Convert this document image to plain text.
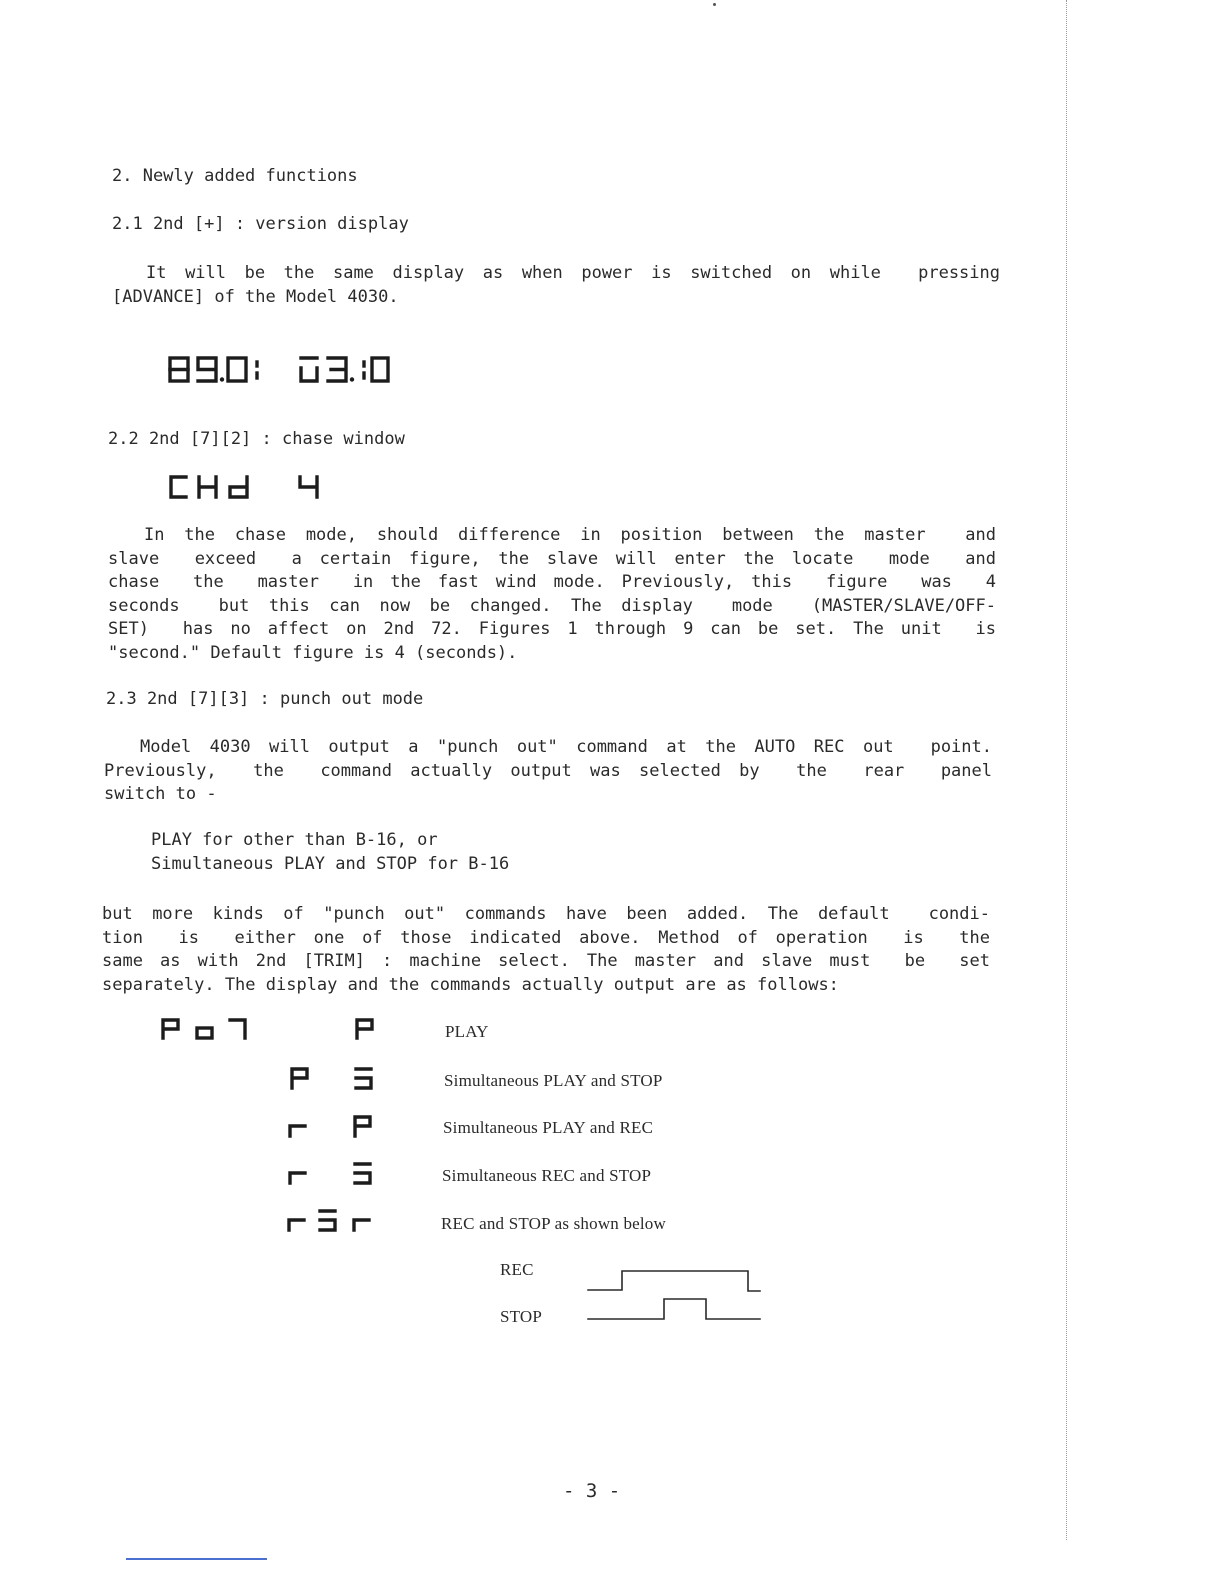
2. Newly added functions
2.1 2nd [+] : version display
It will be the same display as when power is switched on while  pressing
[ADVANCE] of the Model 4030.
2.2 2nd [7][2] : chase window
In the chase mode, should difference in position between the master  and
slave  exceed  a certain figure, the slave will enter the locate  mode  and
chase  the  master  in the fast wind mode. Previously, this  figure  was  4
seconds  but this can now be changed. The display  mode  (MASTER/SLAVE/OFF-
SET)  has no affect on 2nd 72. Figures 1 through 9 can be set. The unit  is
"second." Default figure is 4 (seconds).
2.3 2nd [7][3] : punch out mode
Model 4030 will output a "punch out" command at the AUTO REC out  point.
Previously,  the  command actually output was selected by  the  rear  panel
switch to -
PLAY for other than B-16, or
Simultaneous PLAY and STOP for B-16
but more kinds of "punch out" commands have been added. The default  condi-
tion  is  either one of those indicated above. Method of operation  is  the
same as with 2nd [TRIM] : machine select. The master and slave must  be  set
separately. The display and the commands actually output are as follows:
PLAY
Simultaneous PLAY and STOP
Simultaneous PLAY and REC
Simultaneous REC and STOP
REC and STOP as shown below
REC
STOP
- 3 -
